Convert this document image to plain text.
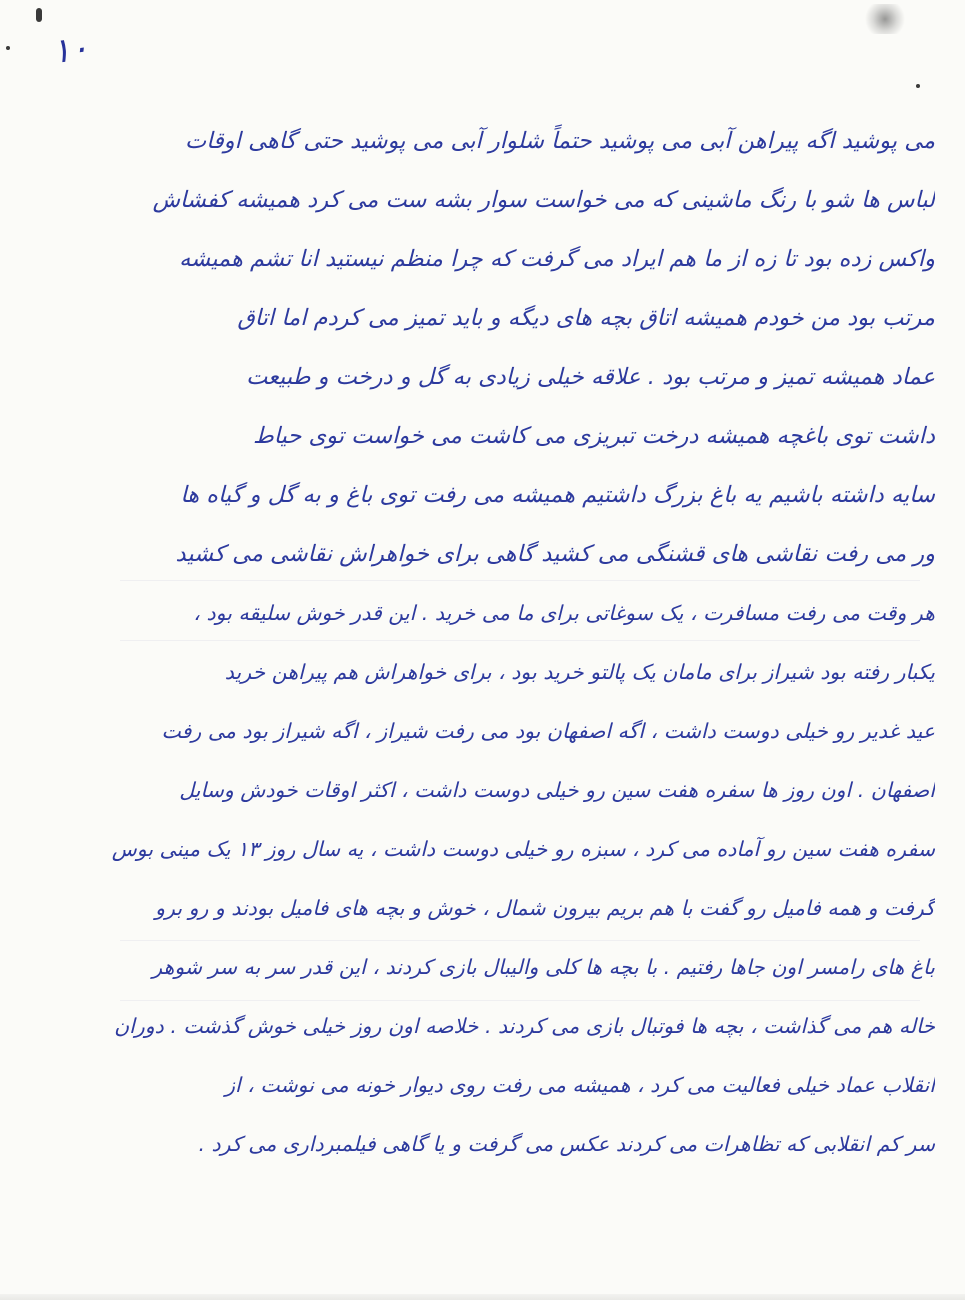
۱۰
می پوشید اگه پیراهن آبی می پوشید حتماً شلوار آبی می پوشید حتی گاهی اوقات
لباس ها شو با رنگ ماشینی که می خواست سوار بشه ست می کرد همیشه کفشاش
واکس زده بود تا زه از ما هم ایراد می گرفت که چرا منظم نیستید انا تشم همیشه
مرتب بود من خودم همیشه اتاق بچه های دیگه و باید تمیز می کردم اما اتاق
عماد همیشه تمیز و مرتب بود . علاقه خیلی زیادی به گل و درخت و طبیعت
داشت توی باغچه همیشه درخت تبریزی می کاشت می خواست توی حیاط
سایه داشته باشیم یه باغ بزرگ داشتیم همیشه می رفت توی باغ و به گل و گیاه ها
ور می رفت نقاشی های قشنگی می کشید گاهی برای خواهراش نقاشی می کشید
هر وقت می رفت مسافرت ، یک سوغاتی برای ما می خرید . این قدر خوش سلیقه بود ،
یکبار رفته بود شیراز برای مامان یک پالتو خرید بود ، برای خواهراش هم پیراهن خرید
عید غدیر رو خیلی دوست داشت ، اگه اصفهان بود می رفت شیراز ، اگه شیراز بود می رفت
اصفهان . اون روز ها سفره هفت سین رو خیلی دوست داشت ، اکثر اوقات خودش وسایل
سفره هفت سین رو آماده می کرد ، سبزه رو خیلی دوست داشت ، یه سال روز ۱۳ یک مینی بوس
گرفت و همه فامیل رو گفت با هم بریم بیرون شمال ، خوش و بچه های فامیل بودند و رو برو
باغ های رامسر اون جاها رفتیم . با بچه ها کلی والیبال بازی کردند ، این قدر سر به سر شوهر
خاله هم می گذاشت ، بچه ها فوتبال بازی می کردند . خلاصه اون روز خیلی خوش گذشت . دوران
انقلاب عماد خیلی فعالیت می کرد ، همیشه می رفت روی دیوار خونه می نوشت ، از
سر کم انقلابی که تظاهرات می کردند عکس می گرفت و یا گاهی فیلمبرداری می کرد .
